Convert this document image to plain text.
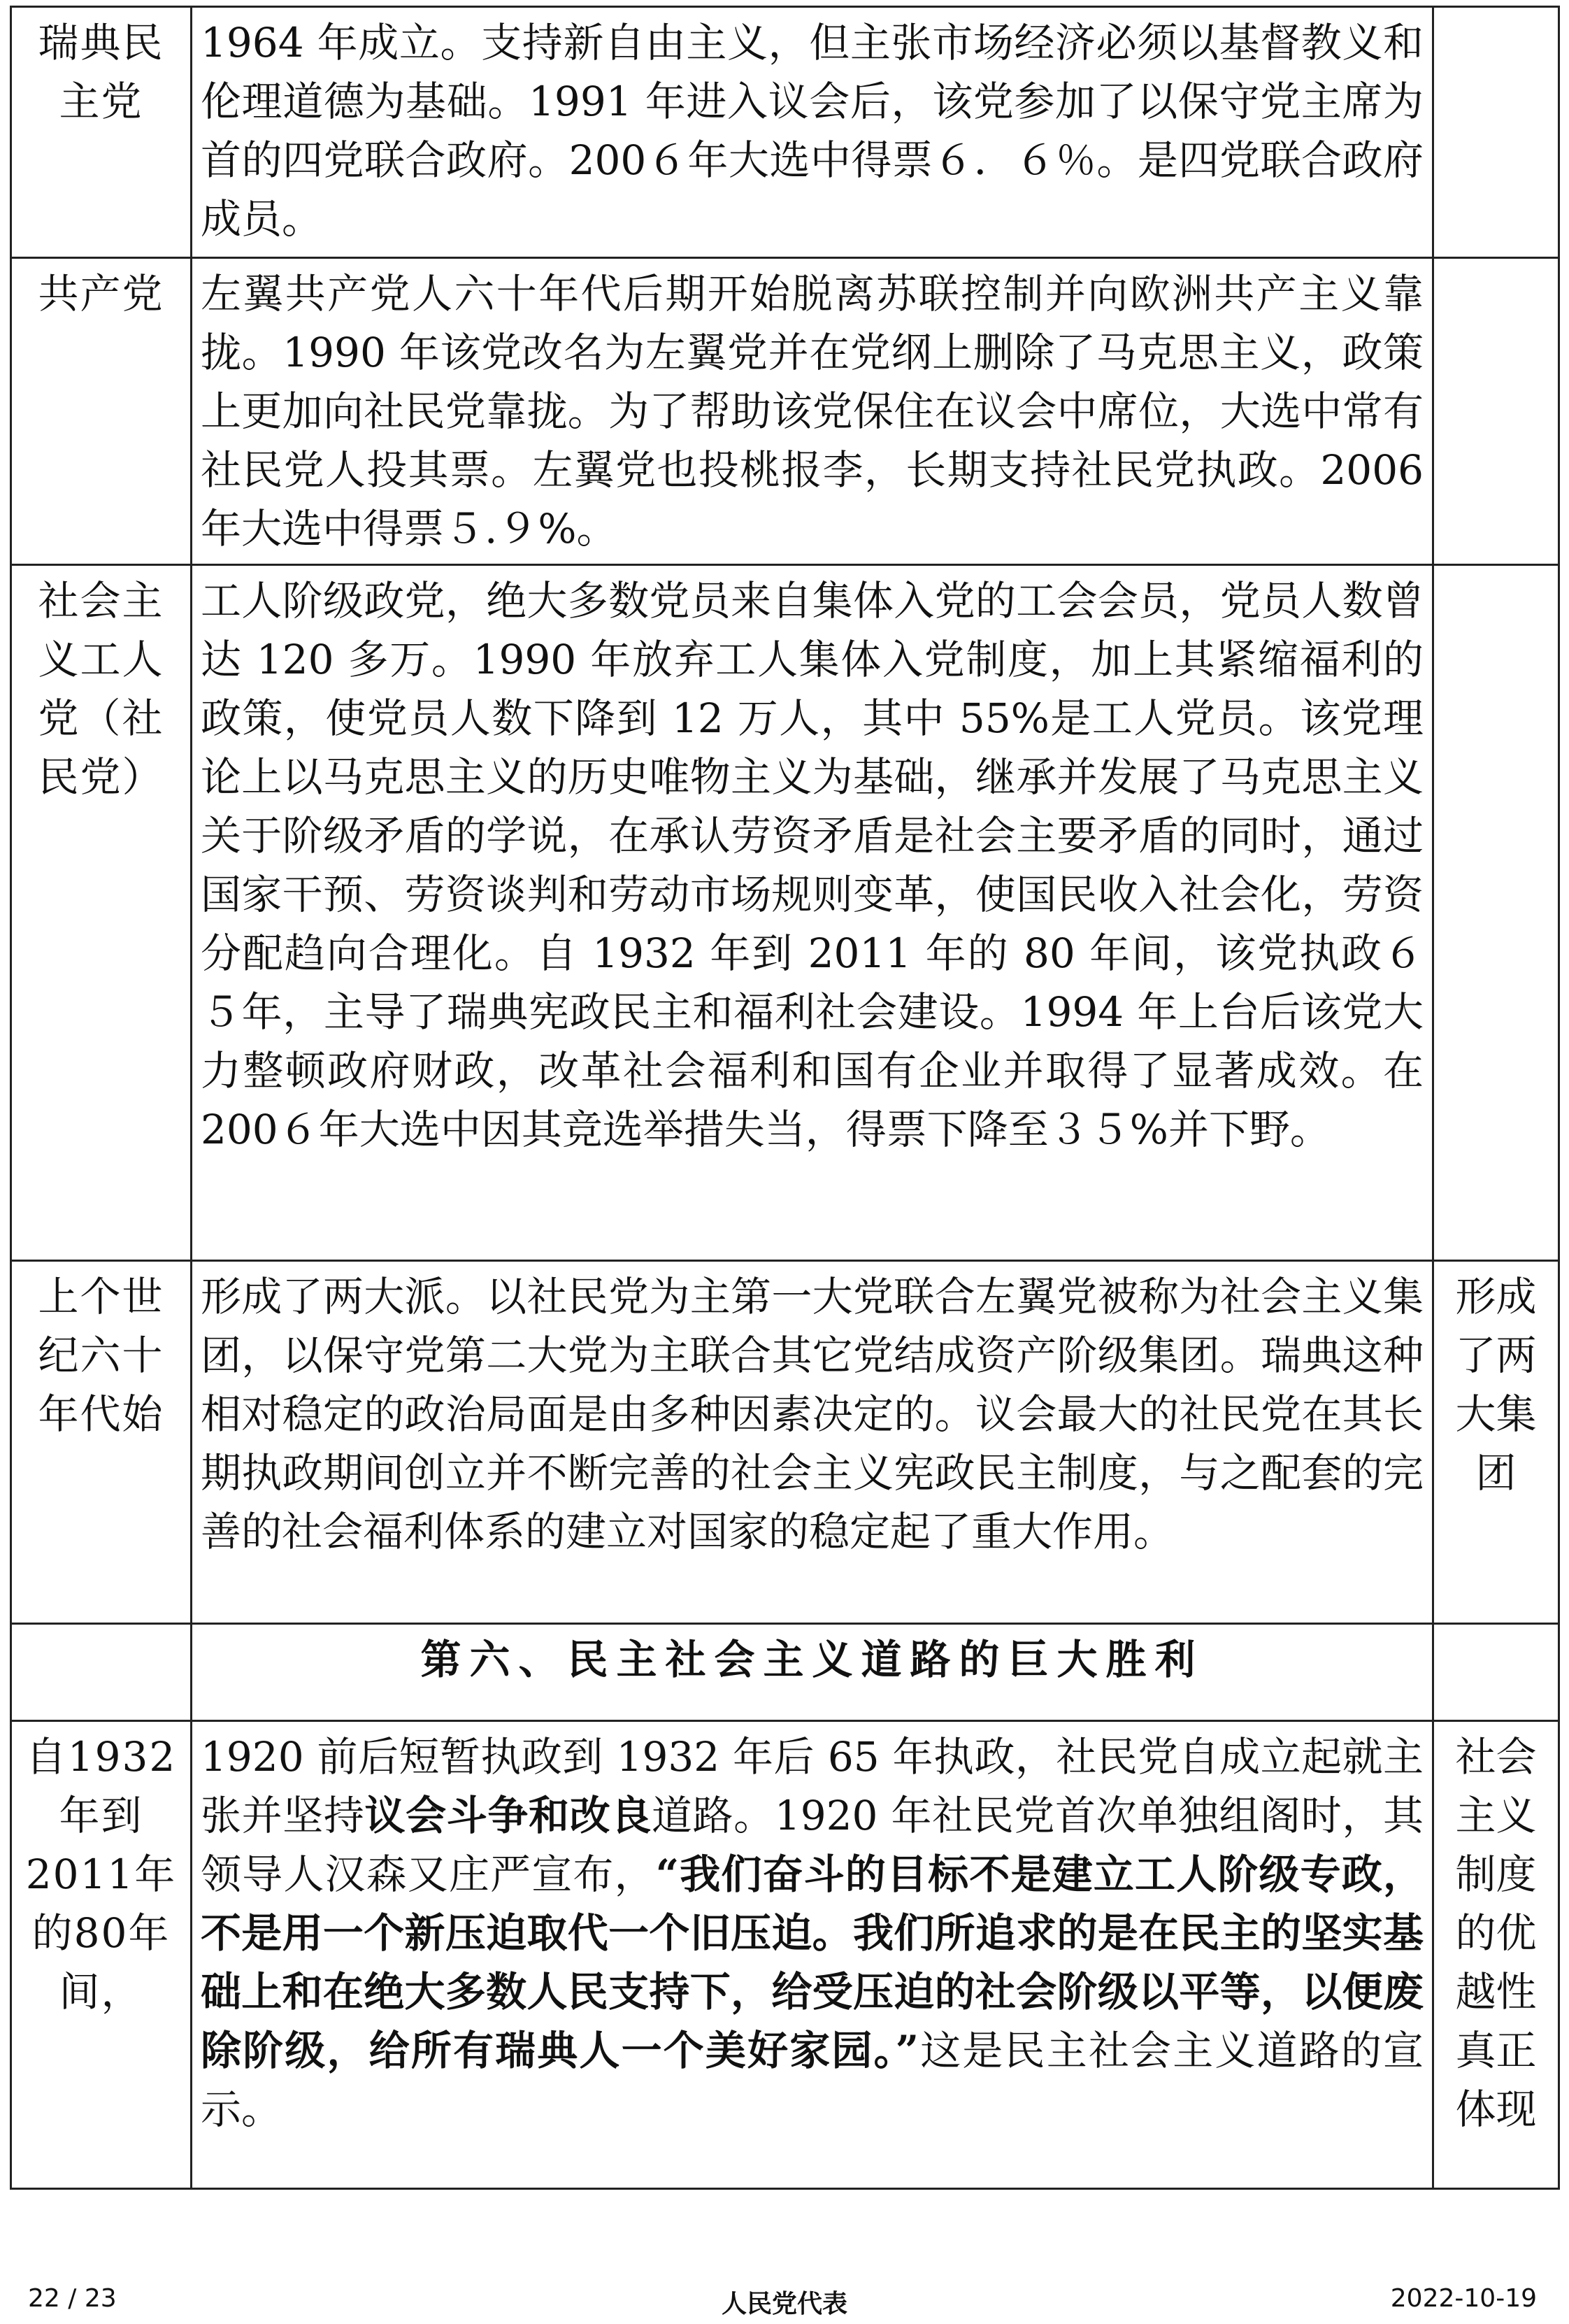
瑞典民主党	1964 年成立。支持新自由主义，但主张市场经济必须以基督教义和伦理道德为基础。1991 年进入议会后，该党参加了以保守党主席为首的四党联合政府。200６年大选中得票６．６％。是四党联合政府成员。	
共产党	左翼共产党人六十年代后期开始脱离苏联控制并向欧洲共产主义靠拢。1990 年该党改名为左翼党并在党纲上删除了马克思主义，政策上更加向社民党靠拢。为了帮助该党保住在议会中席位，大选中常有社民党人投其票。左翼党也投桃报李，长期支持社民党执政。2006 年大选中得票５.９%。	
社会主义工人党（社民党）	工人阶级政党，绝大多数党员来自集体入党的工会会员，党员人数曾达 120 多万。1990 年放弃工人集体入党制度，加上其紧缩福利的政策，使党员人数下降到 12 万人，其中 55%是工人党员。该党理论上以马克思主义的历史唯物主义为基础，继承并发展了马克思主义关于阶级矛盾的学说，在承认劳资矛盾是社会主要矛盾的同时，通过国家干预、劳资谈判和劳动市场规则变革，使国民收入社会化，劳资分配趋向合理化。自 1932 年到 2011 年的 80 年间，该党执政６５年，主导了瑞典宪政民主和福利社会建设。1994 年上台后该党大力整顿政府财政，改革社会福利和国有企业并取得了显著成效。在 200６年大选中因其竞选举措失当，得票下降至３５%并下野。	
上个世纪六十年代始	形成了两大派。以社民党为主第一大党联合左翼党被称为社会主义集团，以保守党第二大党为主联合其它党结成资产阶级集团。瑞典这种相对稳定的政治局面是由多种因素决定的。议会最大的社民党在其长期执政期间创立并不断完善的社会主义宪政民主制度，与之配套的完善的社会福利体系的建立对国家的稳定起了重大作用。	形成了两大集团
	第六、民主社会主义道路的巨大胜利	
自1932年到2011年的80年间，	1920 前后短暂执政到 1932 年后 65 年执政，社民党自成立起就主张并坚持议会斗争和改良道路。1920 年社民党首次单独组阁时，其领导人汉森又庄严宣布，“我们奋斗的目标不是建立工人阶级专政，不是用一个新压迫取代一个旧压迫。我们所追求的是在民主的坚实基础上和在绝大多数人民支持下，给受压迫的社会阶级以平等，以便废除阶级，给所有瑞典人一个美好家园。”这是民主社会主义道路的宣示。	社会主义制度的优越性真正体现
22 / 23	人民党代表	2022-10-19
